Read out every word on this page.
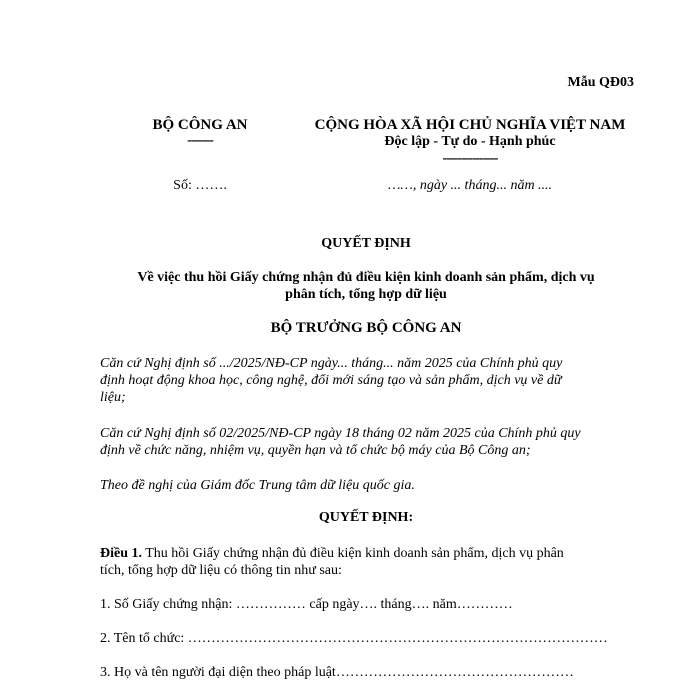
Mẫu QĐ03
BỘ CÔNG AN
-------
Số: …….
CỘNG HÒA XÃ HỘI CHỦ NGHĨA VIỆT NAM
Độc lập - Tự do - Hạnh phúc
---------------
……, ngày ... tháng... năm ....
QUYẾT ĐỊNH
Về việc thu hồi Giấy chứng nhận đủ điều kiện kinh doanh sản phẩm, dịch vụ
phân tích, tổng hợp dữ liệu
BỘ TRƯỞNG BỘ CÔNG AN
Căn cứ Nghị định số .../2025/NĐ-CP ngày... tháng... năm 2025 của Chính phủ quy
định hoạt động khoa học, công nghệ, đổi mới sáng tạo và sản phẩm, dịch vụ về dữ
liệu;
Căn cứ Nghị định số 02/2025/NĐ-CP ngày 18 tháng 02 năm 2025 của Chính phủ quy
định về chức năng, nhiệm vụ, quyền hạn và tổ chức bộ máy của Bộ Công an;
Theo đề nghị của Giám đốc Trung tâm dữ liệu quốc gia.
QUYẾT ĐỊNH:
Điều 1. Thu hồi Giấy chứng nhận đủ điều kiện kinh doanh sản phẩm, dịch vụ phân
tích, tổng hợp dữ liệu có thông tin như sau:
1. Số Giấy chứng nhận: …………… cấp ngày…. tháng…. năm…………
2. Tên tổ chức: ………………………………………………………………………………
3. Họ và tên người đại diện theo pháp luật……………………………………………
